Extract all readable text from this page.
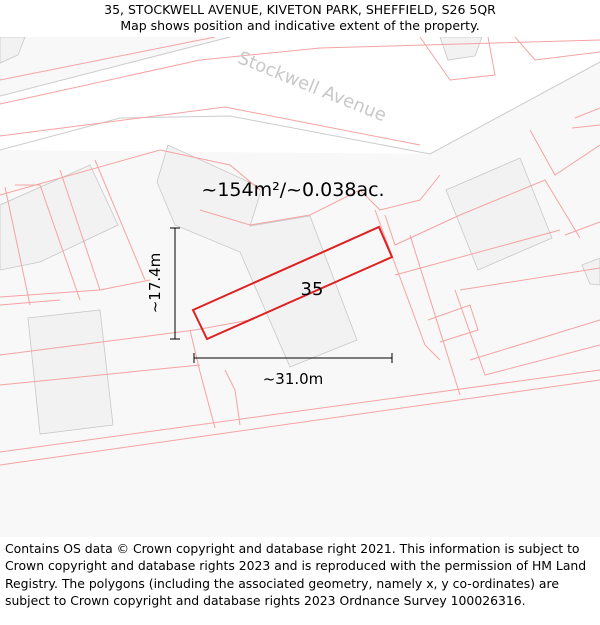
35, STOCKWELL AVENUE, KIVETON PARK, SHEFFIELD, S26 5QR
Map shows position and indicative extent of the property.
Stockwell Avenue
35
~154m²/~0.038ac.
~17.4m
~31.0m
Contains OS data © Crown copyright and database right 2021. This information is subject to Crown copyright and database rights 2023 and is reproduced with the permission of HM Land Registry. The polygons (including the associated geometry, namely x, y co-ordinates) are subject to Crown copyright and database rights 2023 Ordnance Survey 100026316.
